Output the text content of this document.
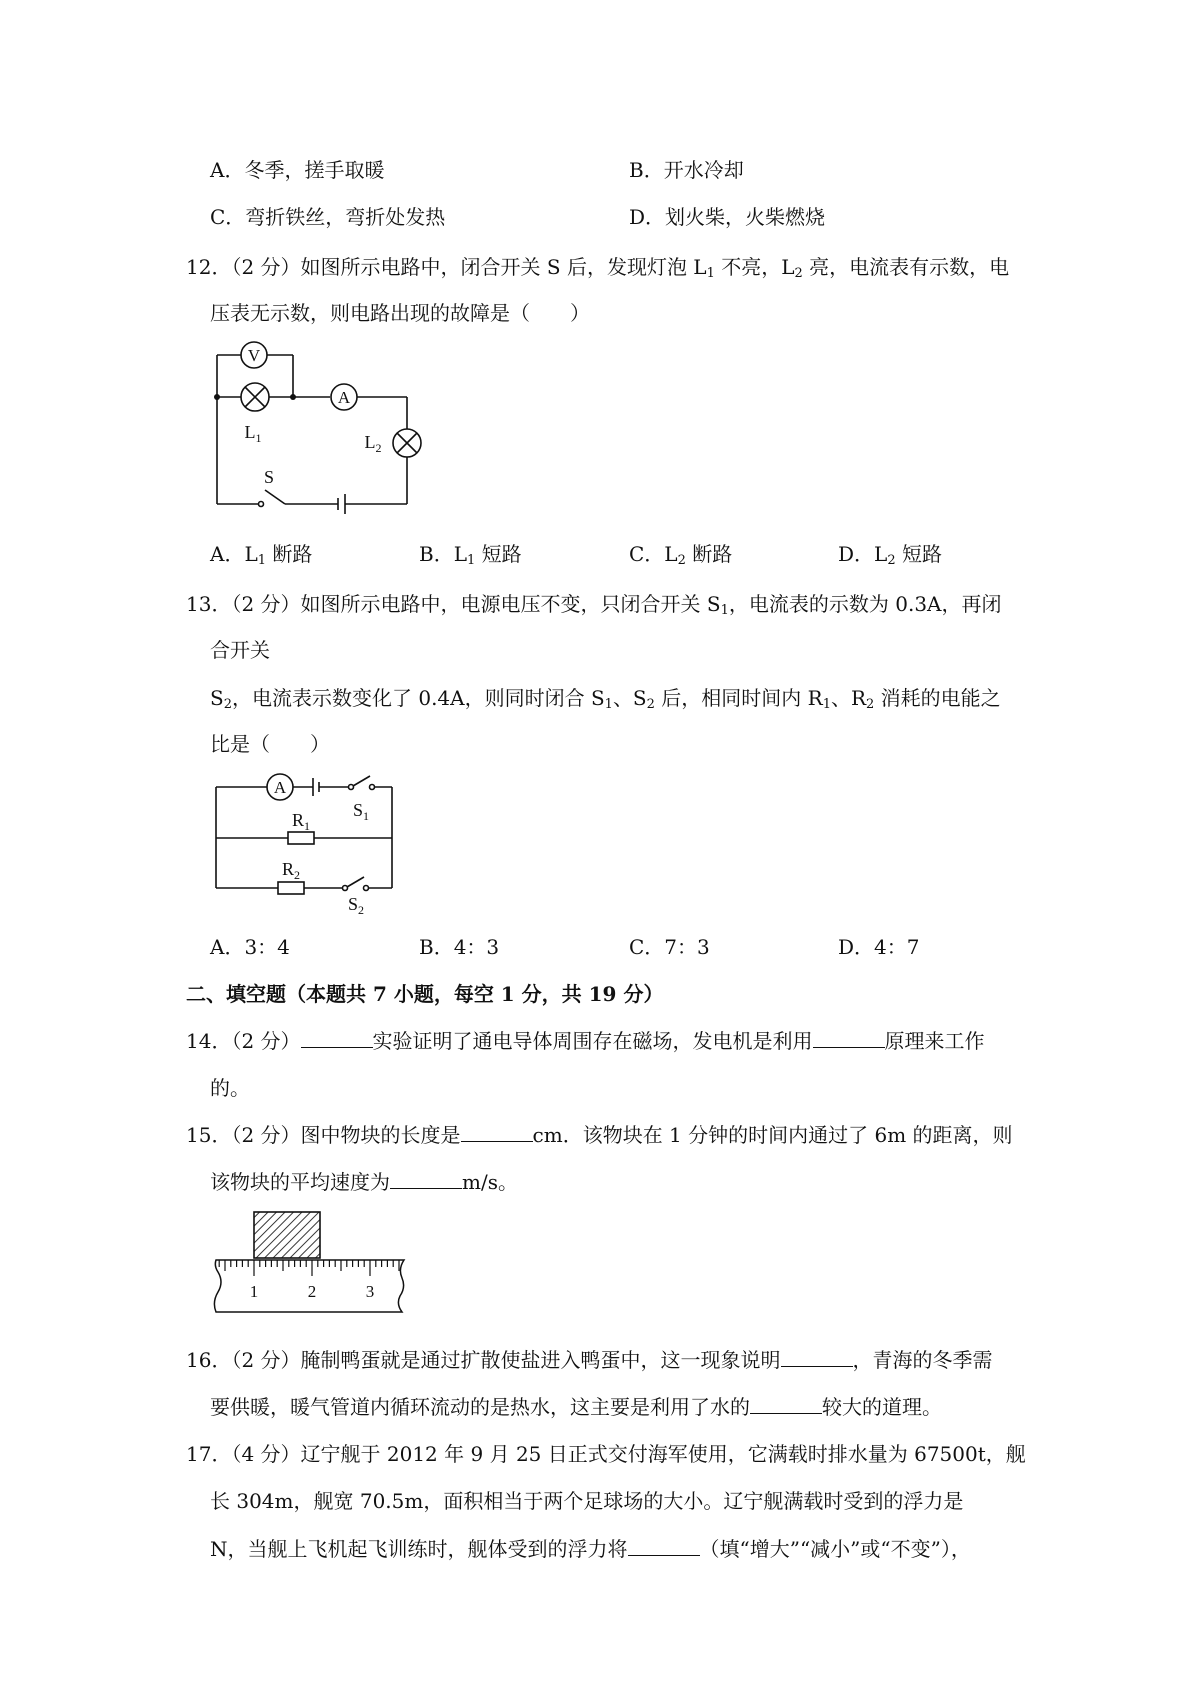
A．冬季，搓手取暖	B．开水冷却
C．弯折铁丝，弯折处发热	D．划火柴，火柴燃烧
12．（2 分）如图所示电路中，闭合开关 S 后，发现灯泡 $L_1$ 不亮，$L_2$ 亮，电流表有示数，电
压表无示数，则电路出现的故障是（　　）
V
A
$L_1$	$L_2$
S
A．$L_1$ 断路	B．$L_1$ 短路	C．$L_2$ 断路	D．$L_2$ 短路
13．（2 分）如图所示电路中，电源电压不变，只闭合开关 $S_1$，电流表的示数为 0.3A，再闭
合开关
$S_2$，电流表示数变化了 0.4A，则同时闭合 $S_1$、$S_2$ 后，相同时间内 $R_1$、$R_2$ 消耗的电能之
比是（　　）
A
$S_1$
$R_1$
$R_2$
$S_2$
A．3：4	B．4：3	C．7：3	D．4：7
二、填空题（本题共 7 小题，每空 1 分，共 19 分）
14．（2 分）	实验证明了通电导体周围存在磁场，发电机是利用	原理来工作
的。
15．（2 分）图中物块的长度是	cm．该物块在 1 分钟的时间内通过了 6m 的距离，则
该物块的平均速度为	m/s。
1	2	3
16．（2 分）腌制鸭蛋就是通过扩散使盐进入鸭蛋中，这一现象说明	，青海的冬季需
要供暖，暖气管道内循环流动的是热水，这主要是利用了水的	较大的道理。
17．（4 分）辽宁舰于 2012 年 9 月 25 日正式交付海军使用，它满载时排水量为 67500t，舰
长 304m，舰宽 70.5m，面积相当于两个足球场的大小。辽宁舰满载时受到的浮力是
N，当舰上飞机起飞训练时，舰体受到的浮力将	（填“增大”“减小”或“不变”），
